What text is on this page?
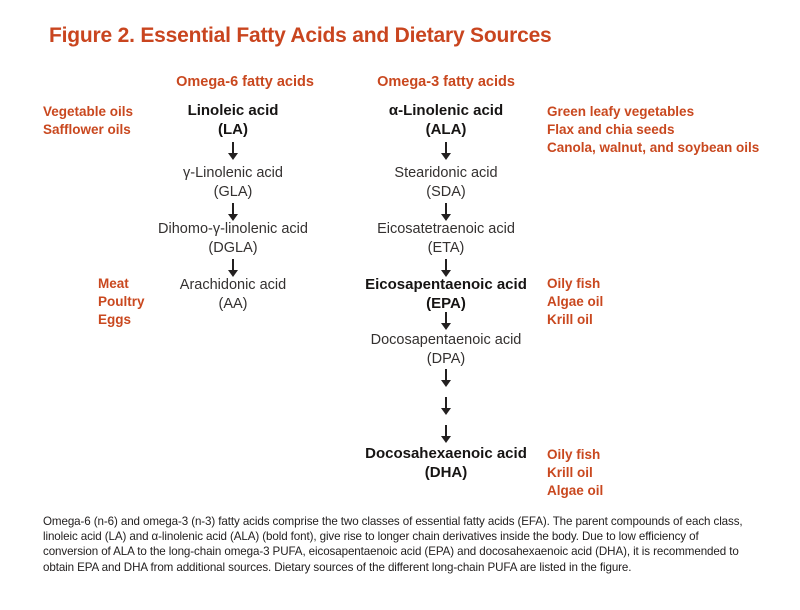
Figure 2. Essential Fatty Acids and Dietary Sources
Omega-6 fatty acids	Omega-3 fatty acids
Vegetable oils
Safflower oils
Meat
Poultry
Eggs
Green leafy vegetables
Flax and chia seeds
Canola, walnut, and soybean oils
Oily fish
Algae oil
Krill oil
Oily fish
Krill oil
Algae oil
Linoleic acid
(LA)
γ-Linolenic acid
(GLA)
Dihomo-γ-linolenic acid
(DGLA)
Arachidonic acid
(AA)
α-Linolenic acid
(ALA)
Stearidonic acid
(SDA)
Eicosatetraenoic acid
(ETA)
Eicosapentaenoic acid
(EPA)
Docosapentaenoic acid
(DPA)
Docosahexaenoic acid
(DHA)
Omega-6 (n-6) and omega-3 (n-3) fatty acids comprise the two classes of essential fatty acids (EFA). The parent compounds of each class,
linoleic acid (LA) and α-linolenic acid (ALA) (bold font), give rise to longer chain derivatives inside the body. Due to low efficiency of
conversion of ALA to the long-chain omega-3 PUFA, eicosapentaenoic acid (EPA) and docosahexaenoic acid (DHA), it is recommended to
obtain EPA and DHA from additional sources. Dietary sources of the different long-chain PUFA are listed in the figure.
